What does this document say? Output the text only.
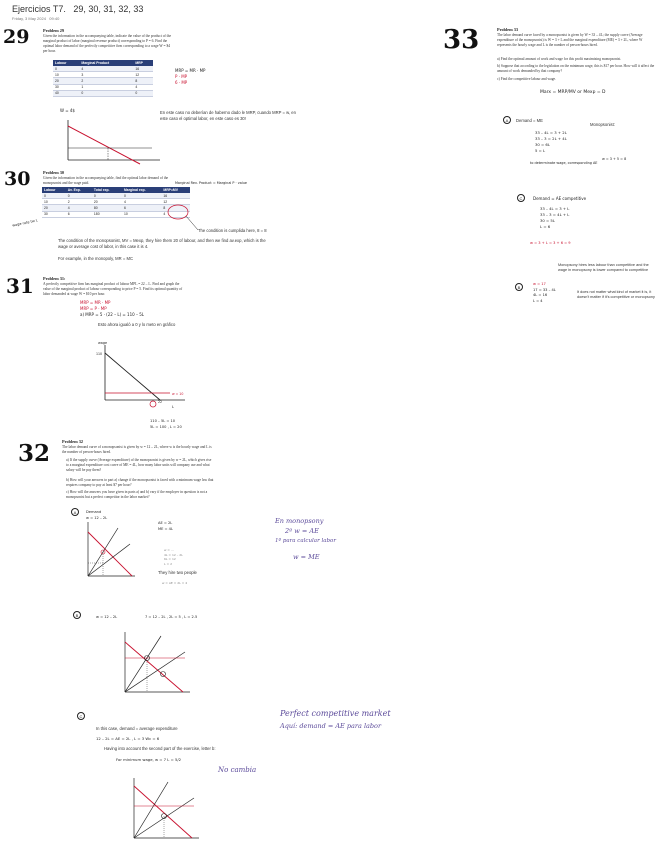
Ejercicios T7. 29, 30, 31, 32, 33
Friday, 3 May 2024 09:40
29	Problem 29
Given the information in the accompanying table, indicate the value of the product of the marginal product of labor (marginal revenue product) corresponding to P = 6. Find the optimal labor demand of the perfectly competitive firm corresponding to a wage W = $4 per hour.
Labour	Marginal Product	MRP
0	4	16
10	3	12
20	2	8
30	1	4
40	0	0
MRP = MR · MP
P · MP
6 · MP
W = 4$	En este caso no deberían de haberno dado le MRP, cuando MRP = w, en este caso el optimal labor, en este caso es 30!
30	Problem 30
Given the information in the accompanying table, find the optimal labor demand of the monopsonist and the wage paid.	Marginal Rev. Product = Marginal P · value
Labour	Av. Exp.	Total exp.	Marginal exp.	MRP=MV
0	0	0	0	16
10	2	20	4	12
20	4	80	6	8
30	6	180	10	4
wage rate tw L
The condition is cumplida here, 8 = 8
The condition of the monopsonist, MV = Mexp, they hire them 20 of labour, and then we find av.exp, which is the wage or average cost of labor, in this case it is 4.
For example, in the monopoly, MR = MC
31 Problem 31:
A perfectly competitive firm has marginal product of labour MPL = 22 – L. Find and graph the value of the marginal product of labour corresponding to price P = 5. Find its optimal quantity of labor demanded at wage W = $10 per hour.
MRP = MR · MP
MRP = P · MP
a) MRP = 5 · (22 – L) = 110 – 5L
Esto ahora igualó a 0 y lo meto en gráfico
wage
110
w = 10
22
L
110 – 5L = 10
5L = 100 , L = 20
32	Problem 32
The labor demand curve of a monopsonist is given by w = 12 – 2L, where w is the hourly wage and L is the number of person-hours hired.
a) If the supply curve (Average expenditure) of the monopsonist is given by w = 2L, which gives rise to a marginal expenditure cost curve of ME = 4L, how many labor units will company use and what salary will be pay them?
b) How will your answers to part a) change if the monopsonist is faced with a minimum wage law that requires company to pay at least $7 per hour?
c) How will the answers you have given in parts a) and b) vary if the employer in question is not a monopsonist but a perfect competitor in the labor market?
A	Demand
w = 12 – 2L
AE = 2L
ME = 4L
w = ...
4L = 12 – 2L
6L = 12
L = 2
They hire two people
w = AE = 2L = 4
En monopsony
2º w = AE
1º para calcular labor
w = ME
B	w = 12 – 2L	7 = 12 – 2L , 2L = 5 , L = 2.5
C
In this case, demand = average expenditure
12 – 2L = AE = 2L , L = 3 Wc = 6
Having into account the second part of the exercise, letter b:
For minimum wage, w = 7 L = 5/2
No cambia
Perfect competitive market
Aquí: demand = AE para labor
33	Problem 33
The labor demand curve faced by a monopsonist is given by W = 33 – 4L; the supply curve (Average expenditure of the monopsonist) is W = 3 + L and the marginal expenditure (ME) = 3 + 2L, where W represents the hourly wage and L is the number of person-hours hired.
a) Find the optimal amount of work and wage for this profit maximizing monopsonist.
b) Suppose that according to the legislation on the minimum wage, this is $17 per hour. How will it affect the amount of work demanded by that company?
c) Find the competitive labour and wage.
Marx = MRP/MV or Mexp = D
A	Demand = ME
Monopsonist:
33 – 4L = 3 + 2L
33 – 3 = 2L + 4L
30 = 6L
5 = L
to determinate wage, corresponding AE
w = 3 + 5 = 8
C	Demand = AE competitive
33 – 4L = 3 + L
33 – 3 = 4L + L
30 = 5L
L = 6
w = 3 + L = 3 + 6 = 9
Monopsony hires less labour than competitive and the wage in monopsony is lower compared to competitive
B
w = 17
17 = 33 – 4L
4L = 16
L = 4
It does not matter what kind of market it is, it doesn't matter if it's competitive or monopsony
